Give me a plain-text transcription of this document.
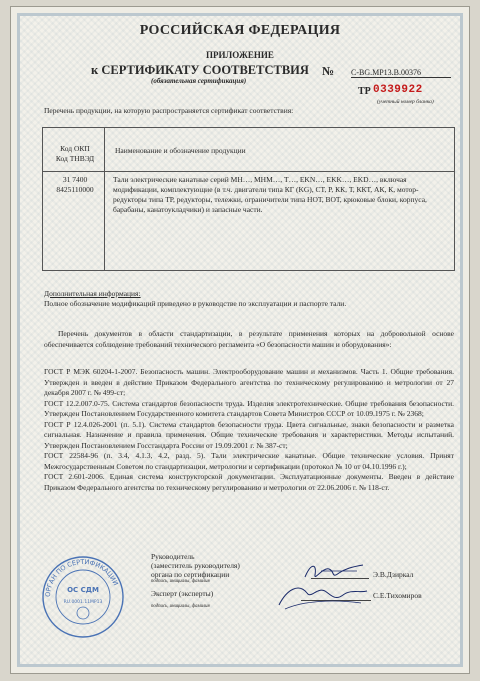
РОССИЙСКАЯ ФЕДЕРАЦИЯ
ПРИЛОЖЕНИЕ
к СЕРТИФИКАТУ СООТВЕТСТВИЯ № C-BG.MP13.B.00376
(обязательная сертификация)
ТР 0339922
(учетный номер бланка)
Перечень продукции, на которую распространяется сертификат соответствия:
Код ОКП
Код ТНВЭД
Наименование и обозначение продукции
31 7400
8425110000
Тали электрические канатные серий МН…, МНМ…, Т…, EKN…, EKK…, EKD…, включая модификации, комплектующие (в т.ч. двигатели типа КГ (KG), СТ, Р, КК, Т, ККТ, АК, К, мотор-редукторы типа ТР, редукторы, тележки, ограничители типа НОТ, ВОТ, крюковые блоки, корпуса, барабаны, канатоукладчики) и запасные части.
Дополнительная информация:
Полное обозначение модификаций приведено в руководстве по эксплуатации и паспорте тали.
Перечень документов в области стандартизации, в результате применения которых на добровольной основе обеспечивается соблюдение требований технического регламента «О безопасности машин и оборудования»:

ГОСТ Р МЭК 60204-1-2007. Безопасность машин. Электрооборудование машин и механизмов. Часть 1. Общие требования. Утвержден и введен в действие Приказом Федерального агентства по техническому регулированию и метрологии от 27 декабря 2007 г. № 499-ст;

ГОСТ 12.2.007.0-75. Система стандартов безопасности труда. Изделия электротехнические. Общие требования безопасности. Утвержден Постановлением Государственного комитета стандартов Совета Министров СССР от 10.09.1975 г. № 2368;

ГОСТ Р 12.4.026-2001 (п. 5.1). Система стандартов безопасности труда. Цвета сигнальные, знаки безопасности и разметка сигнальная. Назначение и правила применения. Общие технические требования и характеристики. Методы испытаний. Утвержден Постановлением Госстандарта России от 19.09.2001 г. № 387-ст;

ГОСТ 22584-96 (п. 3.4, 4.1.3, 4.2, разд. 5). Тали электрические канатные. Общие технические условия. Принят Межгосударственным Советом по стандартизации, метрологии и сертификации (протокол № 10 от 04.10.1996 г.);

ГОСТ 2.601-2006. Единая система конструкторской документации. Эксплуатационные документы. Введен в действие Приказом Федерального агентства по техническому регулированию и метрологии от 22.06.2006 г. № 118-ст.

Руководитель
(заместитель руководителя)
органа по сертификации
подпись, инициалы, фамилия
Э.В.Дзиркал
Эксперт (эксперты)
подпись, инициалы, фамилия
С.Е.Тихомиров
ОРГАН ПО СЕРТИФИКАЦИИ
ОС СДМ
RU.0001.11MP13
